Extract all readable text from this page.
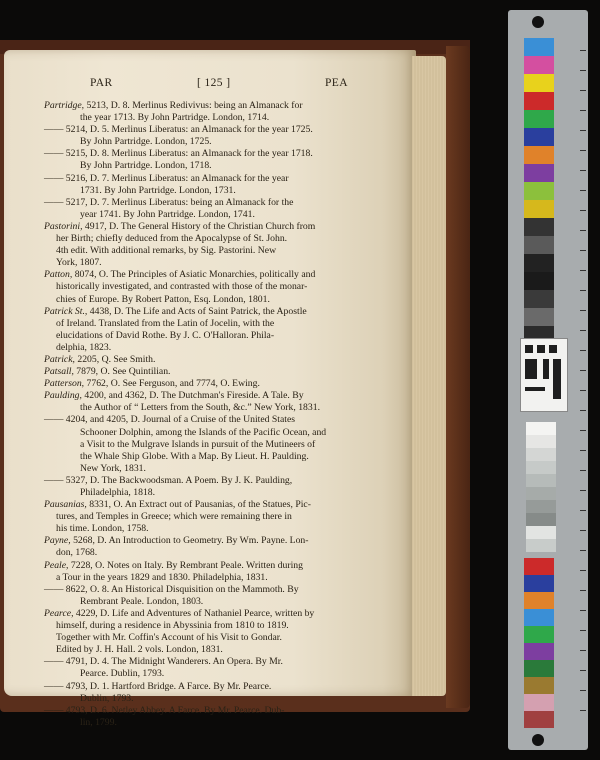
PAR	[ 125 ]	PEA
Partridge, 5213, D. 8. Merlinus Redivivus: being an Almanack for
the year 1713. By John Partridge. London, 1714.
—— 5214, D. 5. Merlinus Liberatus: an Almanack for the year 1725.
By John Partridge. London, 1725.
—— 5215, D. 8. Merlinus Liberatus: an Almanack for the year 1718.
By John Partridge. London, 1718.
—— 5216, D. 7. Merlinus Liberatus: an Almanack for the year
1731. By John Partridge. London, 1731.
—— 5217, D. 7. Merlinus Liberatus: being an Almanack for the
year 1741. By John Partridge. London, 1741.
Pastorini, 4917, D. The General History of the Christian Church from
her Birth; chiefly deduced from the Apocalypse of St. John.
4th edit. With additional remarks, by Sig. Pastorini. New
York, 1807.
Patton, 8074, O. The Principles of Asiatic Monarchies, politically and
historically investigated, and contrasted with those of the monar-
chies of Europe. By Robert Patton, Esq. London, 1801.
Patrick St., 4438, D. The Life and Acts of Saint Patrick, the Apostle
of Ireland. Translated from the Latin of Jocelin, with the
elucidations of David Rothe. By J. C. O'Halloran. Phila-
delphia, 1823.
Patrick, 2205, Q. See Smith.
Patsall, 7879, O. See Quintilian.
Patterson, 7762, O. See Ferguson, and 7774, O. Ewing.
Paulding, 4200, and 4362, D. The Dutchman's Fireside. A Tale. By
the Author of “ Letters from the South, &c.” New York, 1831.
—— 4204, and 4205, D. Journal of a Cruise of the United States
Schooner Dolphin, among the Islands of the Pacific Ocean, and
a Visit to the Mulgrave Islands in pursuit of the Mutineers of
the Whale Ship Globe. With a Map. By Lieut. H. Paulding.
New York, 1831.
—— 5327, D. The Backwoodsman. A Poem. By J. K. Paulding,
Philadelphia, 1818.
Pausanias, 8331, O. An Extract out of Pausanias, of the Statues, Pic-
tures, and Temples in Greece; which were remaining there in
his time. London, 1758.
Payne, 5268, D. An Introduction to Geometry. By Wm. Payne. Lon-
don, 1768.
Peale, 7228, O. Notes on Italy. By Rembrant Peale. Written during
a Tour in the years 1829 and 1830. Philadelphia, 1831.
—— 8622, O. 8. An Historical Disquisition on the Mammoth. By
Rembrant Peale. London, 1803.
Pearce, 4229, D. Life and Adventures of Nathaniel Pearce, written by
himself, during a residence in Abyssinia from 1810 to 1819.
Together with Mr. Coffin's Account of his Visit to Gondar.
Edited by J. H. Hall. 2 vols. London, 1831.
—— 4791, D. 4. The Midnight Wanderers. An Opera. By Mr.
Pearce. Dublin, 1793.
—— 4793, D. 1. Hartford Bridge. A Farce. By Mr. Pearce.
Dublin, 1793.
—— 4793, D. 6. Netley Abbey. A Farce. By Mr. Pearce. Dub-
lin, 1799.
